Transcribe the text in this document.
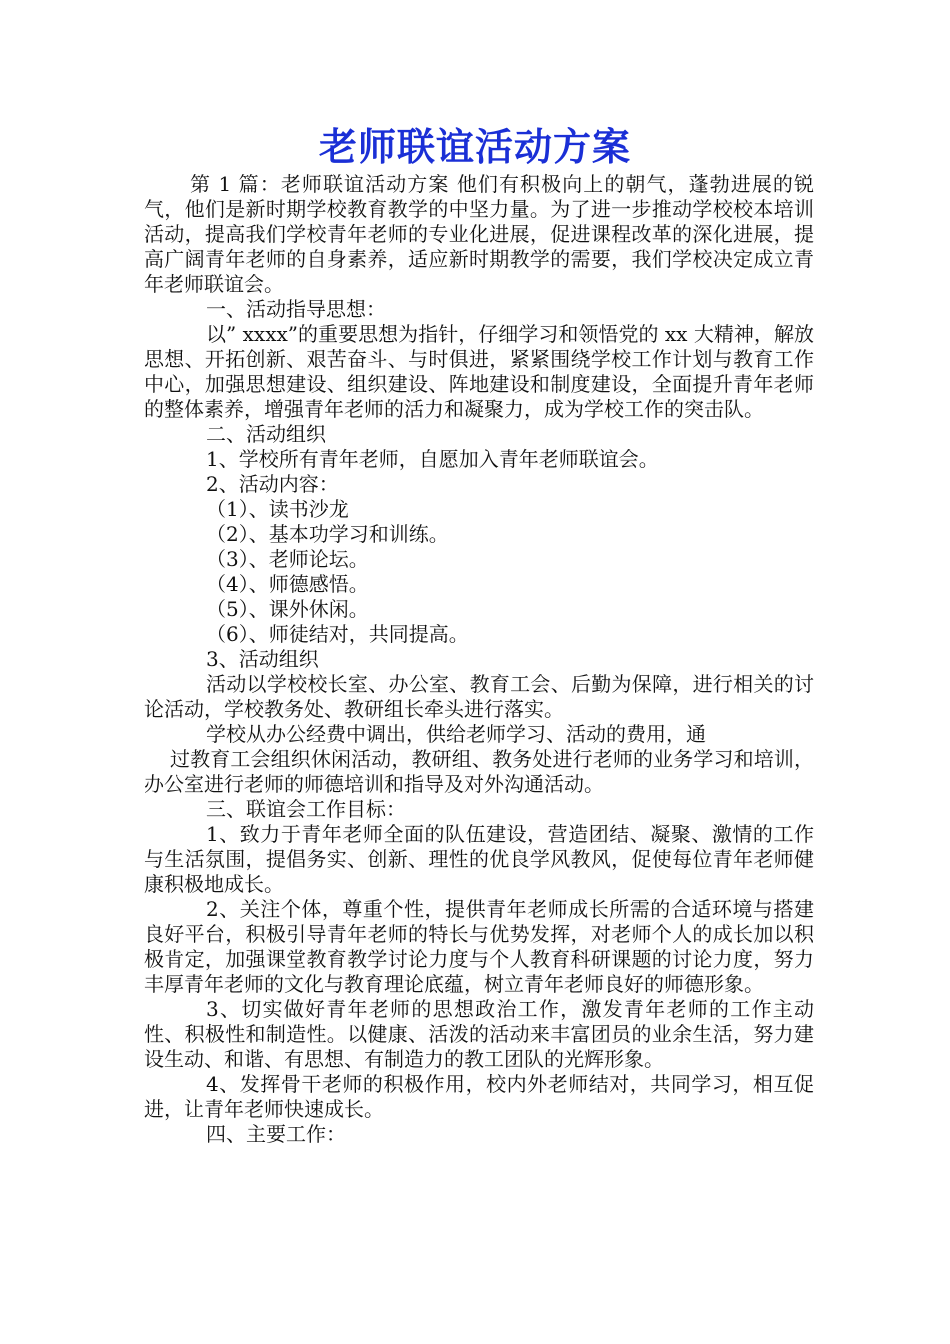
老师联谊活动方案

第 1 篇：老师联谊活动方案 他们有积极向上的朝气，蓬勃进展的锐气，他们是新时期学校教育教学的中坚力量。为了进一步推动学校校本培训活动，提高我们学校青年老师的专业化进展，促进课程改革的深化进展，提高广阔青年老师的自身素养，适应新时期教学的需要，我们学校决定成立青年老师联谊会。

一、活动指导思想：

以” xxxx”的重要思想为指针，仔细学习和领悟党的 xx 大精神，解放思想、开拓创新、艰苦奋斗、与时俱进，紧紧围绕学校工作计划与教育工作中心，加强思想建设、组织建设、阵地建设和制度建设，全面提升青年老师的整体素养，增强青年老师的活力和凝聚力，成为学校工作的突击队。

二、活动组织

1、学校所有青年老师，自愿加入青年老师联谊会。

2、活动内容：

（1）、读书沙龙

（2）、基本功学习和训练。

（3）、老师论坛。

（4）、师德感悟。

（5）、课外休闲。

（6）、师徒结对，共同提高。

3、活动组织

活动以学校校长室、办公室、教育工会、后勤为保障，进行相关的讨论活动，学校教务处、教研组长牵头进行落实。

学校从办公经费中调出，供给老师学习、活动的费用，通

过教育工会组织休闲活动，教研组、教务处进行老师的业务学习和培训，办公室进行老师的师德培训和指导及对外沟通活动。

三、联谊会工作目标：

1、致力于青年老师全面的队伍建设，营造团结、凝聚、激情的工作与生活氛围，提倡务实、创新、理性的优良学风教风，促使每位青年老师健康积极地成长。

2、关注个体，尊重个性，提供青年老师成长所需的合适环境与搭建良好平台，积极引导青年老师的特长与优势发挥，对老师个人的成长加以积极肯定，加强课堂教育教学讨论力度与个人教育科研课题的讨论力度，努力丰厚青年老师的文化与教育理论底蕴，树立青年老师良好的师德形象。

3、切实做好青年老师的思想政治工作，激发青年老师的工作主动性、积极性和制造性。以健康、活泼的活动来丰富团员的业余生活，努力建设生动、和谐、有思想、有制造力的教工团队的光辉形象。

4、发挥骨干老师的积极作用，校内外老师结对，共同学习，相互促进，让青年老师快速成长。

四、主要工作：
